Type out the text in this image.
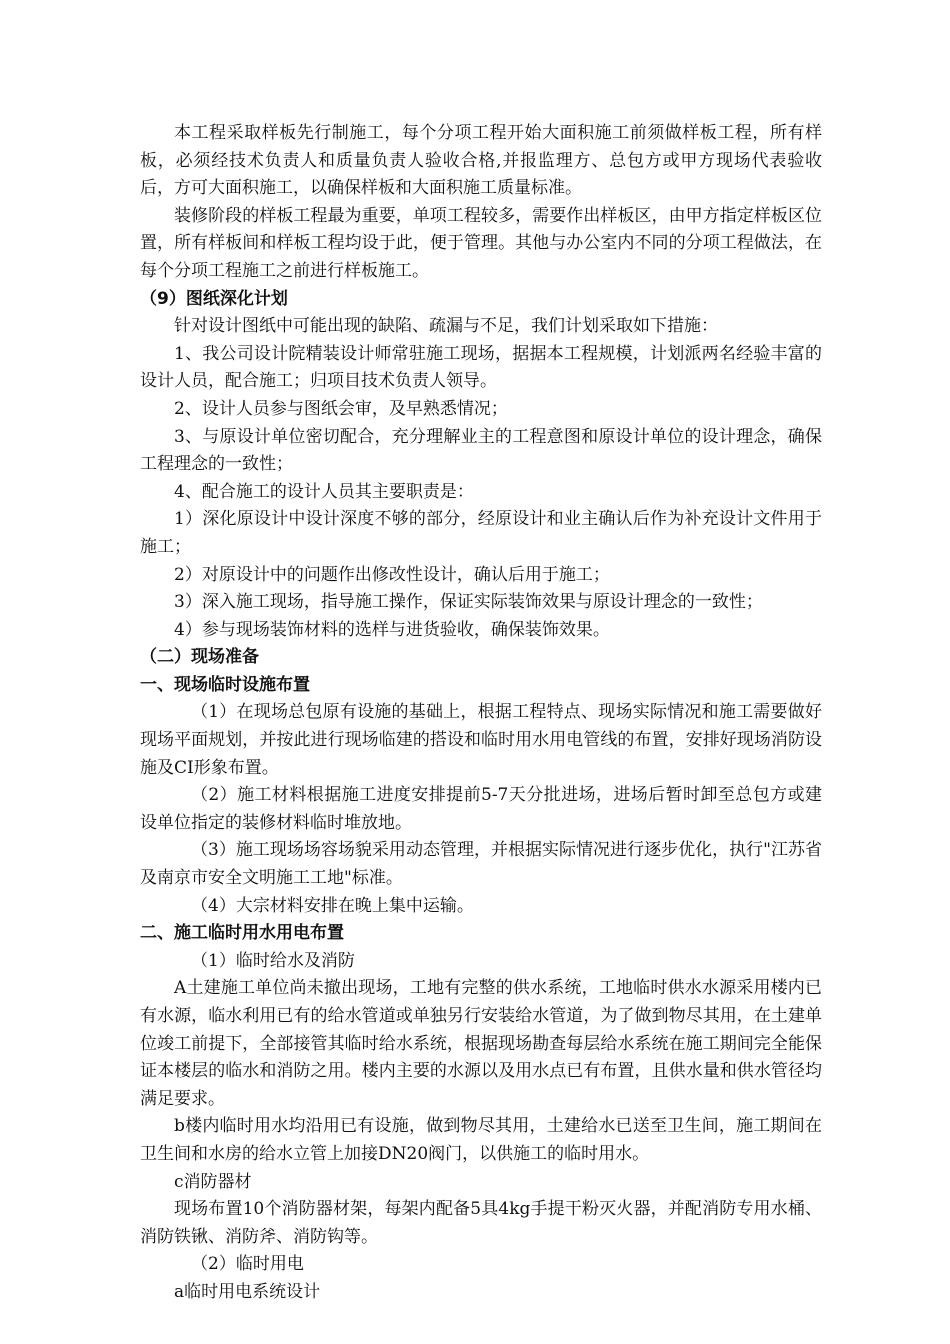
本工程采取样板先行制施工，每个分项工程开始大面积施工前须做样板工程，所有样板，必须经技术负责人和质量负责人验收合格,并报监理方、总包方或甲方现场代表验收后，方可大面积施工，以确保样板和大面积施工质量标准。

装修阶段的样板工程最为重要，单项工程较多，需要作出样板区，由甲方指定样板区位置，所有样板间和样板工程均设于此，便于管理。其他与办公室内不同的分项工程做法，在每个分项工程施工之前进行样板施工。

（9）图纸深化计划

针对设计图纸中可能出现的缺陷、疏漏与不足，我们计划采取如下措施：

1、我公司设计院精装设计师常驻施工现场，据据本工程规模，计划派两名经验丰富的设计人员，配合施工；归项目技术负责人领导。

2、设计人员参与图纸会审，及早熟悉情况；

3、与原设计单位密切配合，充分理解业主的工程意图和原设计单位的设计理念，确保工程理念的一致性；

4、配合施工的设计人员其主要职责是：

1）深化原设计中设计深度不够的部分，经原设计和业主确认后作为补充设计文件用于施工；

2）对原设计中的问题作出修改性设计，确认后用于施工；

3）深入施工现场，指导施工操作，保证实际装饰效果与原设计理念的一致性；

4）参与现场装饰材料的选样与进货验收，确保装饰效果。

（二）现场准备

一、现场临时设施布置

（1）在现场总包原有设施的基础上，根据工程特点、现场实际情况和施工需要做好现场平面规划，并按此进行现场临建的搭设和临时用水用电管线的布置，安排好现场消防设施及CI形象布置。

（2）施工材料根据施工进度安排提前5-7天分批进场，进场后暂时卸至总包方或建设单位指定的装修材料临时堆放地。

（3）施工现场场容场貌采用动态管理，并根据实际情况进行逐步优化，执行"江苏省及南京市安全文明施工工地"标准。

（4）大宗材料安排在晚上集中运输。

二、施工临时用水用电布置

（1）临时给水及消防

A土建施工单位尚未撤出现场，工地有完整的供水系统，工地临时供水水源采用楼内已有水源，临水利用已有的给水管道或单独另行安装给水管道，为了做到物尽其用，在土建单位竣工前提下，全部接管其临时给水系统，根据现场勘查每层给水系统在施工期间完全能保证本楼层的临水和消防之用。楼内主要的水源以及用水点已有布置，且供水量和供水管径均满足要求。

b楼内临时用水均沿用已有设施，做到物尽其用，土建给水已送至卫生间，施工期间在卫生间和水房的给水立管上加接DN20阀门，以供施工的临时用水。

c消防器材

现场布置10个消防器材架，每架内配备5具4kg手提干粉灭火器，并配消防专用水桶、消防铁锹、消防斧、消防钩等。

（2）临时用电

a临时用电系统设计
